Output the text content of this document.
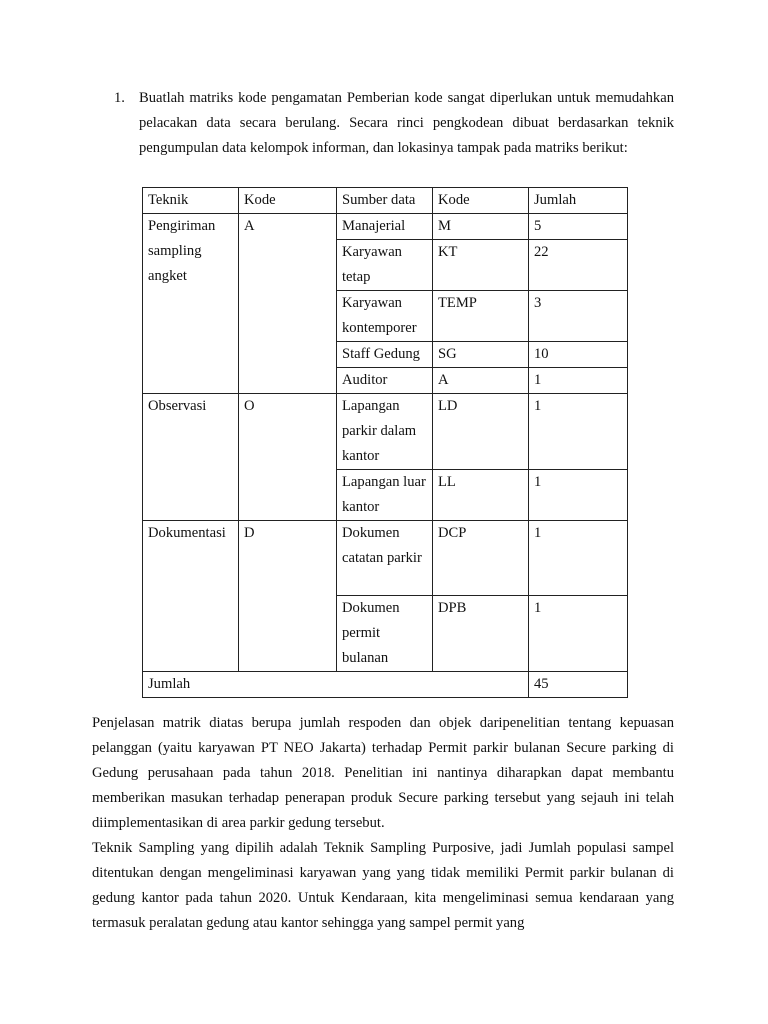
1. Buatlah matriks kode pengamatan Pemberian kode sangat diperlukan untuk memudahkan pelacakan data secara berulang. Secara rinci pengkodean dibuat berdasarkan teknik pengumpulan data kelompok informan, dan lokasinya tampak pada matriks berikut:

Teknik	Kode	Sumber data	Kode	Jumlah
Pengiriman sampling angket	A	Manajerial	M	5
		Karyawan tetap	KT	22
		Karyawan kontemporer	TEMP	3
		Staff Gedung	SG	10
		Auditor	A	1
Observasi	O	Lapangan parkir dalam kantor	LD	1
		Lapangan luar kantor	LL	1
Dokumentasi	D	Dokumen catatan parkir	DCP	1
		Dokumen permit bulanan	DPB	1
Jumlah				45

Penjelasan matrik diatas berupa jumlah respoden dan objek daripenelitian tentang kepuasan pelanggan (yaitu karyawan PT NEO Jakarta) terhadap Permit parkir bulanan Secure parking di Gedung perusahaan pada tahun 2018. Penelitian ini nantinya diharapkan dapat membantu memberikan masukan terhadap penerapan produk Secure parking tersebut yang sejauh ini telah diimplementasikan di area parkir gedung tersebut.

Teknik Sampling yang dipilih adalah Teknik Sampling Purposive, jadi Jumlah populasi sampel ditentukan dengan mengeliminasi karyawan yang yang tidak memiliki Permit parkir bulanan di gedung kantor pada tahun 2020. Untuk Kendaraan, kita mengeliminasi semua kendaraan yang termasuk peralatan gedung atau kantor sehingga yang sampel permit yang
